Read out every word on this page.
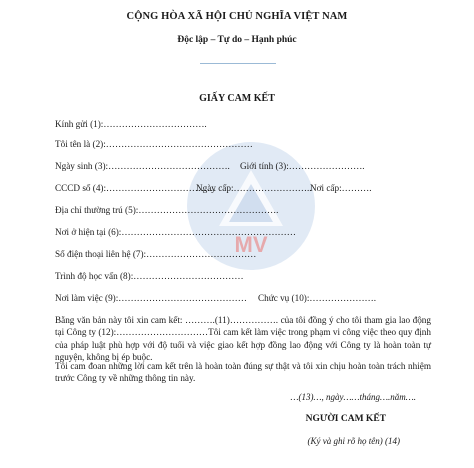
MV
CỘNG HÒA XÃ HỘI CHỦ NGHĨA VIỆT NAM
Độc lập – Tự do – Hạnh phúc
GIẤY CAM KẾT
Kính gửi (1):…………………………….
Tôi tên là (2):…………………………………………
Ngày sinh (3):…………………………………. Giới tính (3):…………………….
CCCD số (4):………………………………
Ngày cấp:……………………..
Nơi cấp:……….
Địa chỉ thường trú (5):……………………………………….
Nơi ở hiện tại (6):…………………………………………………
Số điện thoại liên hệ (7):………………………………
Trình độ học vấn (8):………………………………
Nơi làm việc (9):…………………………………… Chức vụ (10):………………….
Bằng văn bản này tôi xin cam kết: ……….(11)……………. của tôi đồng ý cho tôi tham gia lao động tại Công ty (12):…………………………Tôi cam kết làm việc trong phạm vi công việc theo quy định của pháp luật phù hợp với độ tuổi và việc giao kết hợp đồng lao động với Công ty là hoàn toàn tự nguyện, không bị ép buộc.
Tôi cam đoan những lời cam kết trên là hoàn toàn đúng sự thật và tôi xin chịu hoàn toàn trách nhiệm trước Công ty về những thông tin này.
…(13)…, ngày……tháng….năm….
NGƯỜI CAM KẾT
(Ký và ghi rõ họ tên) (14)
